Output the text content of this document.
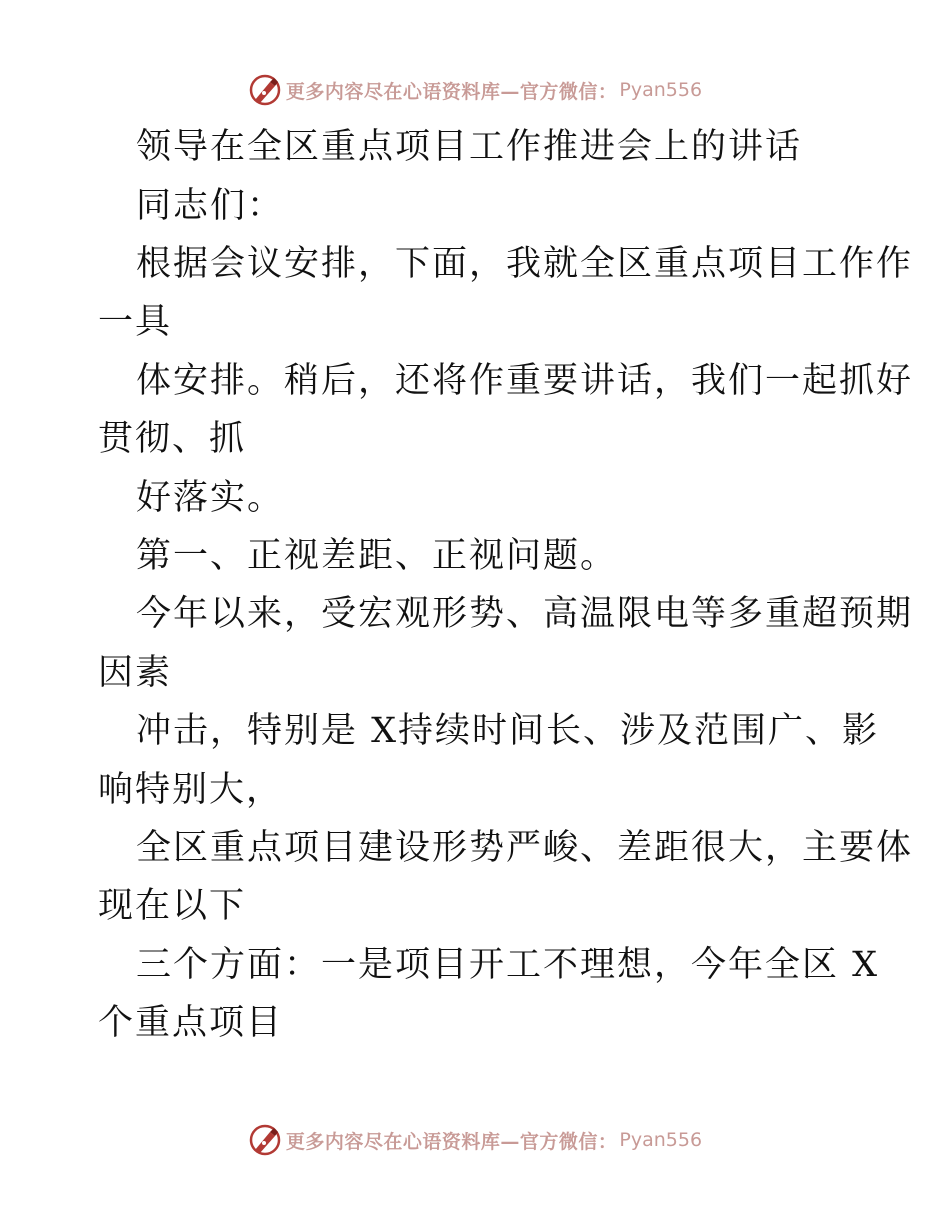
更多内容尽在心语资料库—官方微信： Pyan556
领导在全区重点项目工作推进会上的讲话
同志们：
根据会议安排，下面，我就全区重点项目工作作
一具
体安排。稍后，还将作重要讲话，我们一起抓好
贯彻、抓
好落实。
第一、正视差距、正视问题。
今年以来，受宏观形势、高温限电等多重超预期
因素
冲击，特别是 X持续时间长、涉及范围广、影
响特别大，
全区重点项目建设形势严峻、差距很大，主要体
现在以下
三个方面：一是项目开工不理想，今年全区 X
个重点项目
更多内容尽在心语资料库—官方微信： Pyan556
